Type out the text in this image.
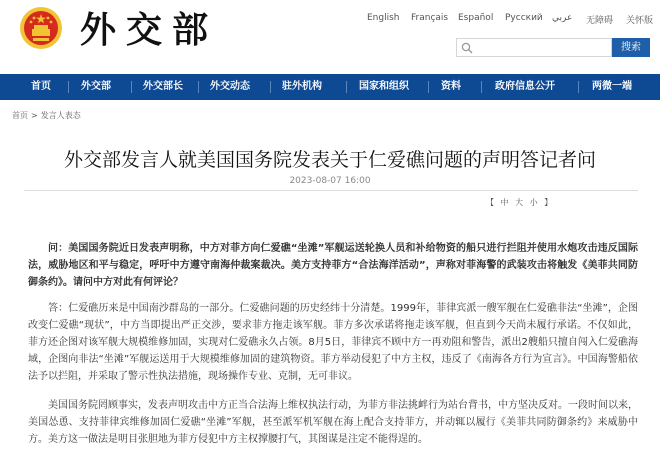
外交部	English Français Español Русский عربي 无障碍 关怀版
搜索
首页	外交部	外交部长	外交动态	驻外机构	国家和组织	资料	政府信息公开	两微一端
首页 > 发言人表态
外交部发言人就美国国务院发表关于仁爱礁问题的声明答记者问
2023-08-07 16:00
【 中 大 小 】

问：美国国务院近日发表声明称，中方对菲方向仁爱礁“坐滩”军舰运送轮换人员和补给物资的船只进行拦阻并使用水炮攻击违反国际法，威胁地区和平与稳定，呼吁中方遵守南海仲裁案裁决。美方支持菲方“合法海洋活动”，声称对菲海警的武装攻击将触发《美菲共同防御条约》。请问中方对此有何评论？

答：仁爱礁历来是中国南沙群岛的一部分。仁爱礁问题的历史经纬十分清楚。1999年，菲律宾派一艘军舰在仁爱礁非法“坐滩”，企图改变仁爱礁“现状”，中方当即提出严正交涉，要求菲方拖走该军舰。菲方多次承诺将拖走该军舰，但直到今天尚未履行承诺。不仅如此，菲方还企图对该军舰大规模维修加固，实现对仁爱礁永久占领。8月5日，菲律宾不顾中方一再劝阻和警告，派出2艘船只擅自闯入仁爱礁海域，企图向非法“坐滩”军舰运送用于大规模维修加固的建筑物资。菲方举动侵犯了中方主权，违反了《南海各方行为宣言》。中国海警船依法予以拦阻，并采取了警示性执法措施，现场操作专业、克制，无可非议。

美国国务院罔顾事实，发表声明攻击中方正当合法海上维权执法行动，为菲方非法挑衅行为站台背书，中方坚决反对。一段时间以来，美国怂恿、支持菲律宾维修加固仁爱礁“坐滩”军舰，甚至派军机军舰在海上配合支持菲方，并动辄以履行《美菲共同防御条约》来威胁中方。美方这一做法是明目张胆地为菲方侵犯中方主权撑腰打气，其图谋是注定不能得逞的。
